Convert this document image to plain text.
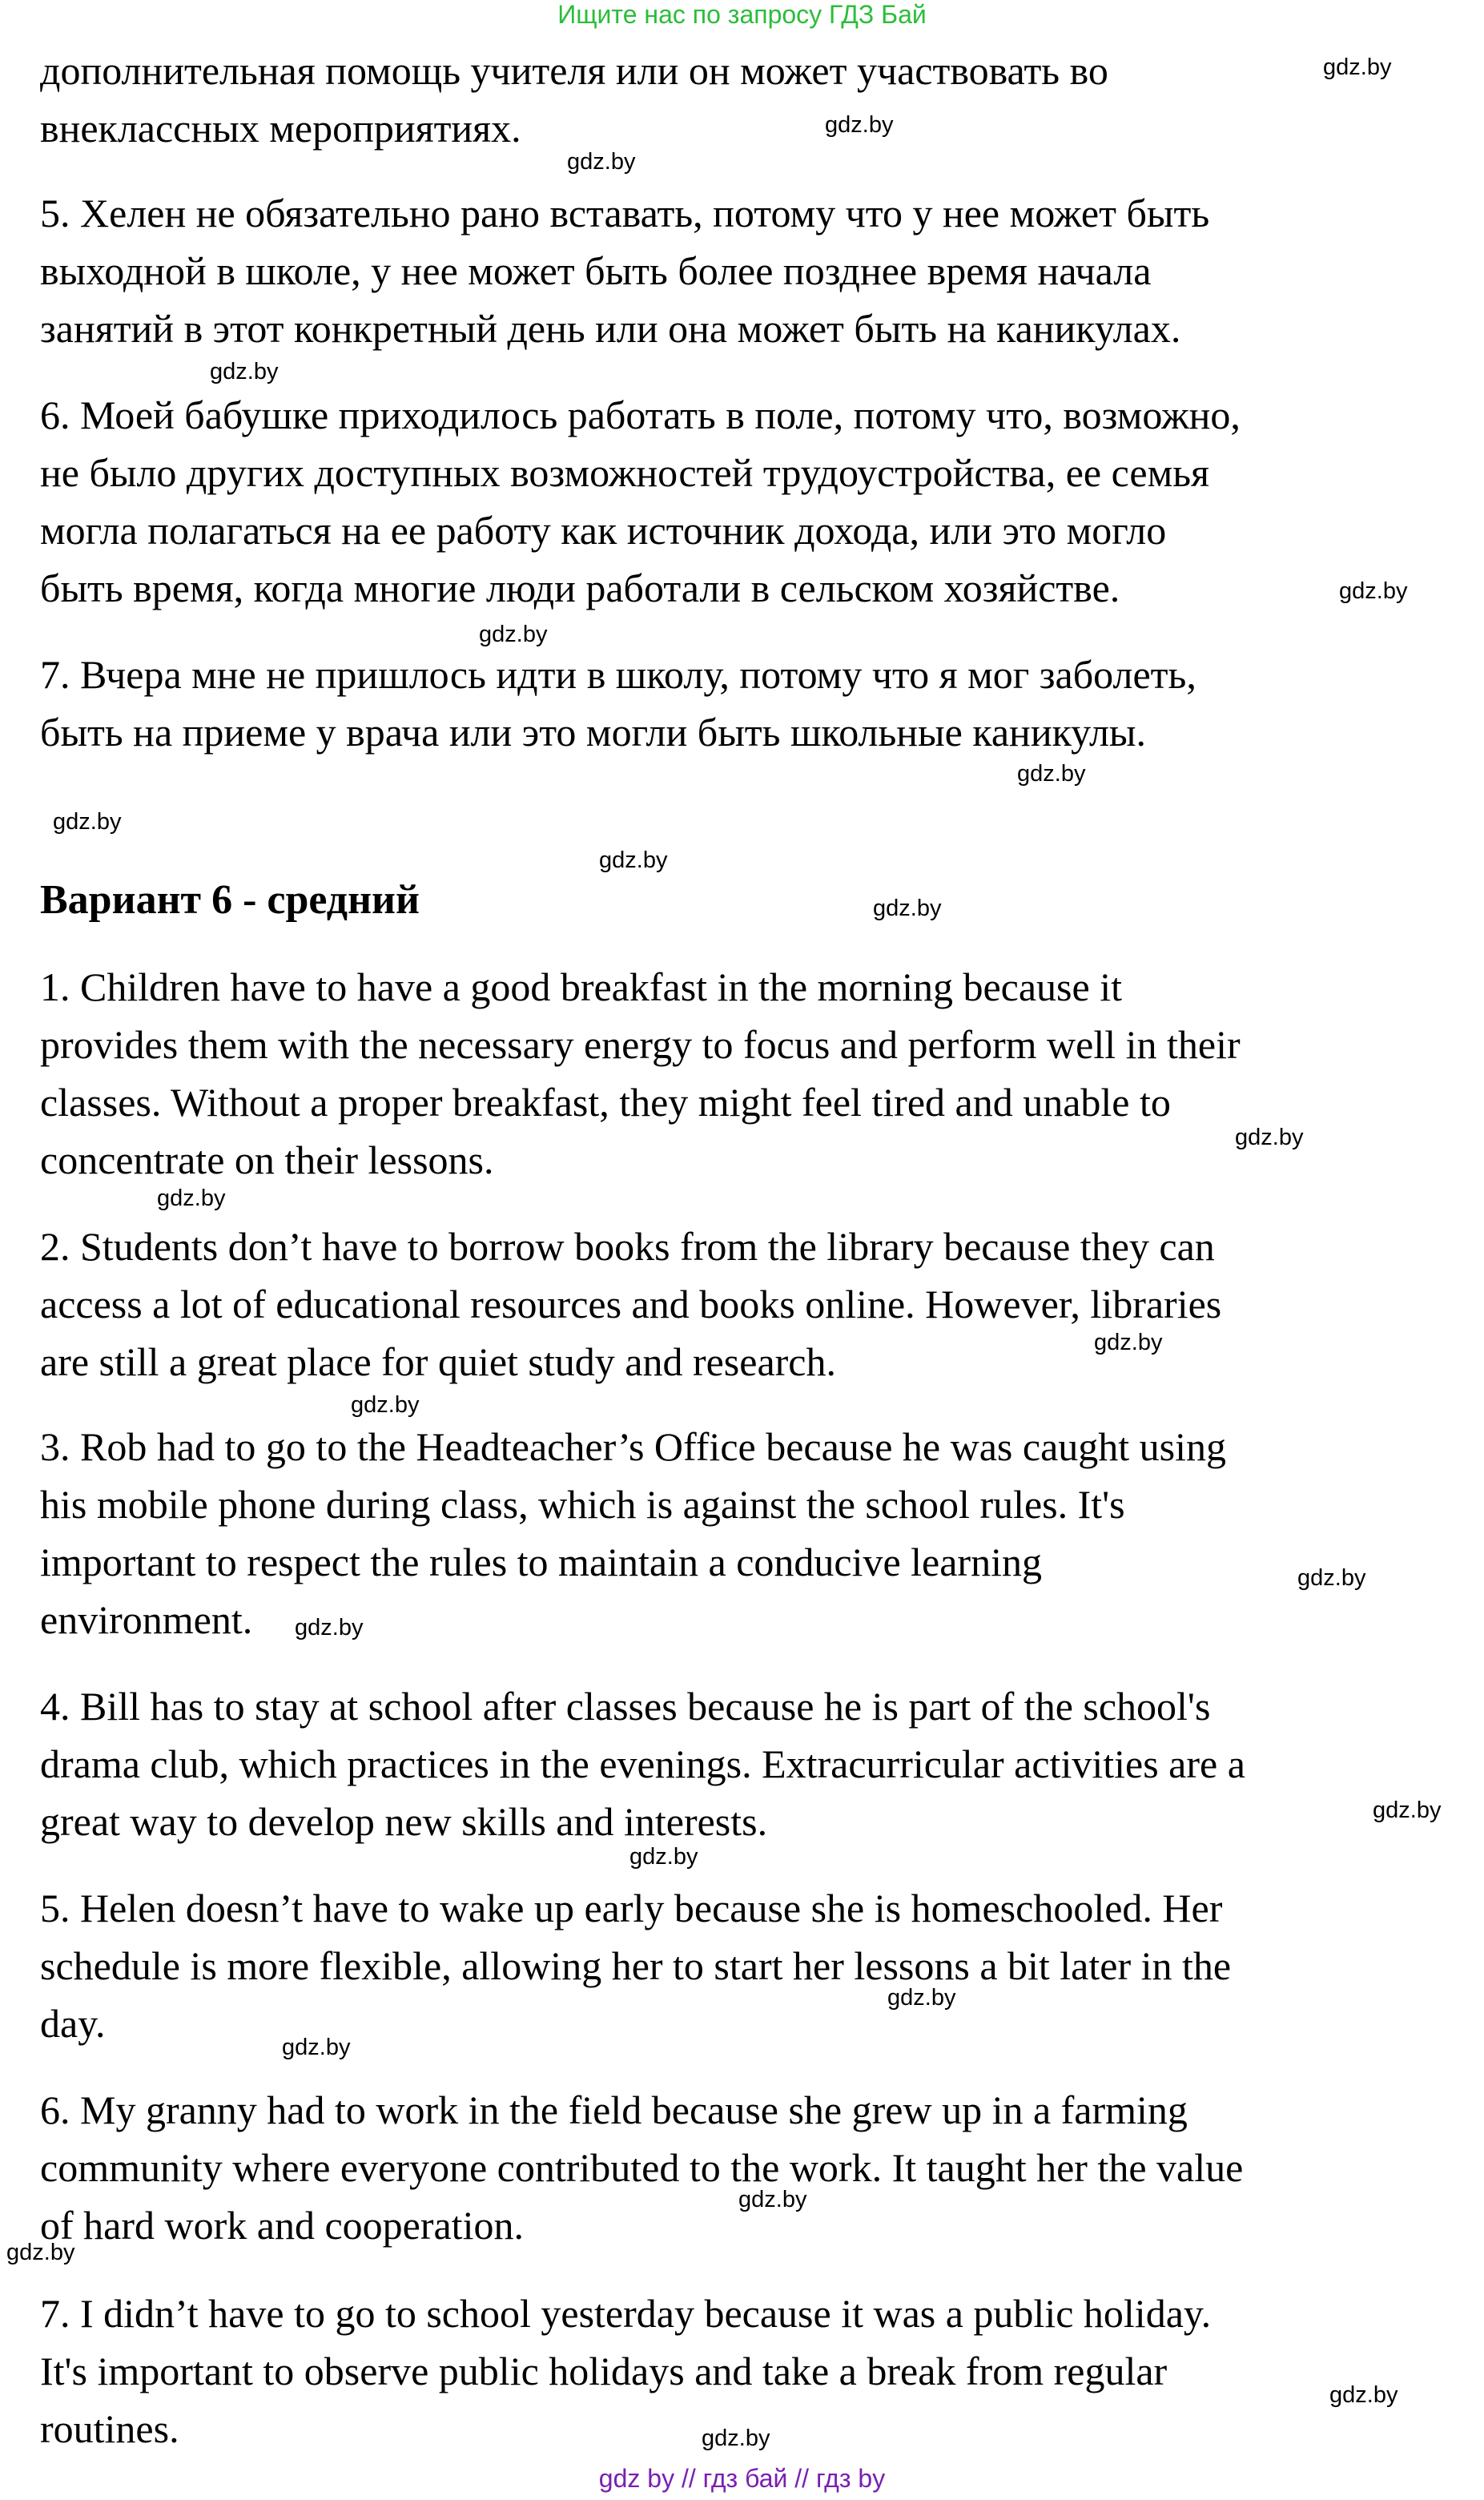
Ищите нас по запросу ГДЗ Бай

дополнительная помощь учителя или он может участвовать во
внеклассных мероприятиях.

5. Хелен не обязательно рано вставать, потому что у нее может быть
выходной в школе, у нее может быть более позднее время начала
занятий в этот конкретный день или она может быть на каникулах.

6. Моей бабушке приходилось работать в поле, потому что, возможно,
не было других доступных возможностей трудоустройства, ее семья
могла полагаться на ее работу как источник дохода, или это могло
быть время, когда многие люди работали в сельском хозяйстве.

7. Вчера мне не пришлось идти в школу, потому что я мог заболеть,
быть на приеме у врача или это могли быть школьные каникулы.

Вариант 6 - средний

1. Children have to have a good breakfast in the morning because it
provides them with the necessary energy to focus and perform well in their
classes. Without a proper breakfast, they might feel tired and unable to
concentrate on their lessons.

2. Students don’t have to borrow books from the library because they can
access a lot of educational resources and books online. However, libraries
are still a great place for quiet study and research.

3. Rob had to go to the Headteacher’s Office because he was caught using
his mobile phone during class, which is against the school rules. It's
important to respect the rules to maintain a conducive learning
environment.

4. Bill has to stay at school after classes because he is part of the school's
drama club, which practices in the evenings. Extracurricular activities are a
great way to develop new skills and interests.

5. Helen doesn’t have to wake up early because she is homeschooled. Her
schedule is more flexible, allowing her to start her lessons a bit later in the
day.

6. My granny had to work in the field because she grew up in a farming
community where everyone contributed to the work. It taught her the value
of hard work and cooperation.

7. I didn’t have to go to school yesterday because it was a public holiday.
It's important to observe public holidays and take a break from regular
routines.

gdz.by
gdz.by
gdz.by
gdz.by
gdz.by
gdz.by
gdz.by
gdz.by
gdz.by
gdz.by
gdz.by
gdz.by
gdz.by
gdz.by
gdz.by
gdz.by
gdz.by
gdz.by
gdz.by
gdz.by
gdz.by
gdz.by
gdz.by
gdz.by
gdz by // гдз бай // гдз by
